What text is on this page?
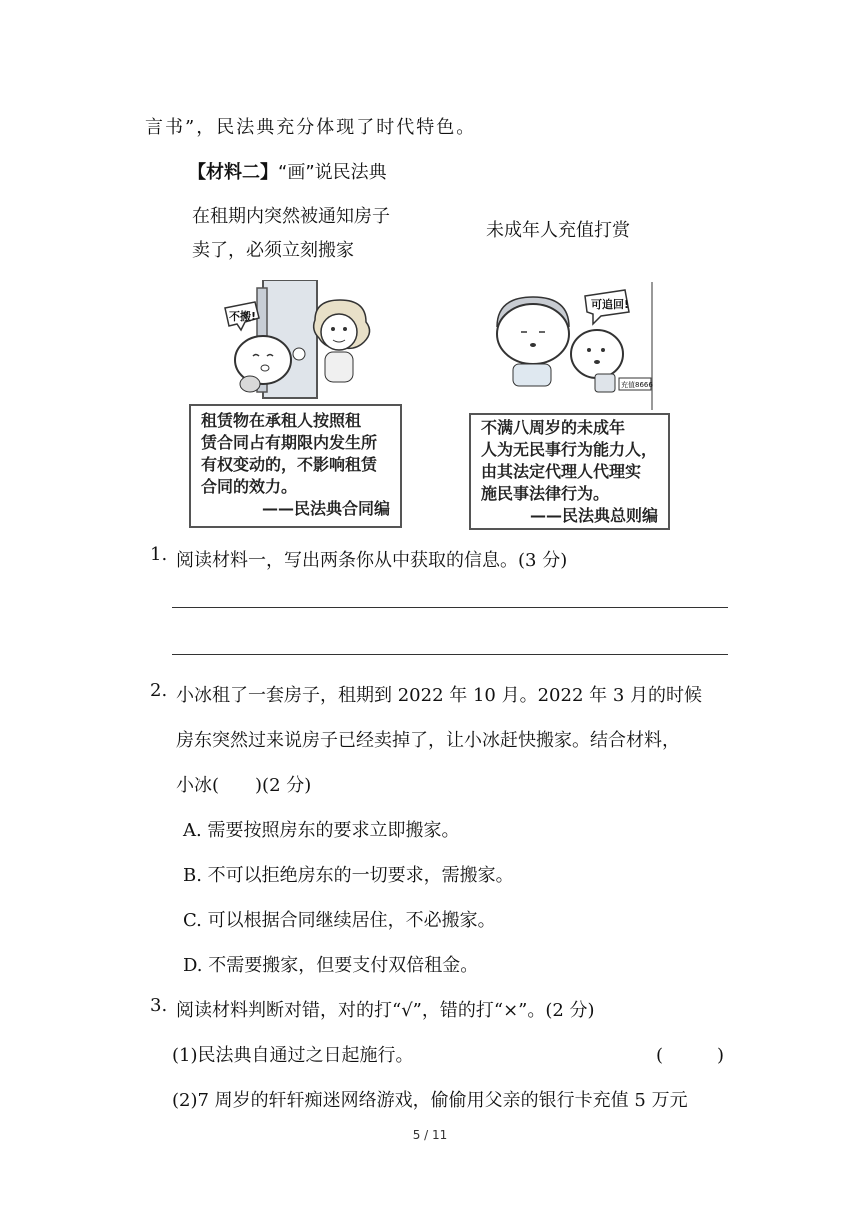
言书”，民法典充分体现了时代特色。
【材料二】“画”说民法典
在租期内突然被通知房子
卖了，必须立刻搬家
未成年人充值打赏
不搬!
可追回!
充值8666

租赁物在承租人按照租

赁合同占有期限内发生所

有权变动的，不影响租赁

合同的效力。

——民法典合同编

不满八周岁的未成年

人为无民事行为能力人，

由其法定代理人代理实

施民事法律行为。

——民法典总则编
1. 阅读材料一，写出两条你从中获取的信息。(3 分)
2. 小冰租了一套房子，租期到 2022 年 10 月。2022 年 3 月的时候
房东突然过来说房子已经卖掉了，让小冰赶快搬家。结合材料，
小冰(　　)(2 分)
A. 需要按照房东的要求立即搬家。
B. 不可以拒绝房东的一切要求，需搬家。
C. 可以根据合同继续居住，不必搬家。
D. 不需要搬家，但要支付双倍租金。
3. 阅读材料判断对错，对的打“√”，错的打“×”。(2 分)
(1)民法典自通过之日起施行。	(　　　)
(2)7 周岁的轩轩痴迷网络游戏，偷偷用父亲的银行卡充值 5 万元
5 / 11
